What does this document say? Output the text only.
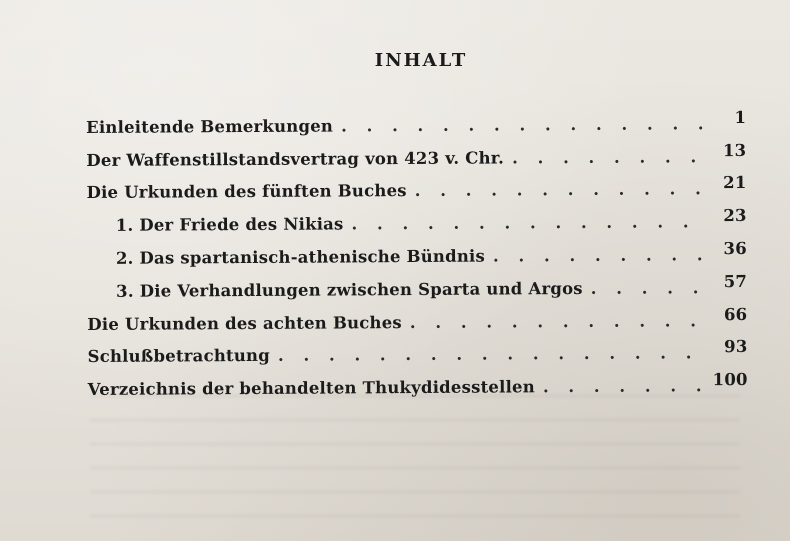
INHALT
Einleitende Bemerkungen . . .	1
Der Waffenstillstandsvertrag von 423 v. Chr. . . .	13
Die Urkunden des fünften Buches . . .	21
1. Der Friede des Nikias . . .	23
2. Das spartanisch-athenische Bündnis . . .	36
3. Die Verhandlungen zwischen Sparta und Argos . . .	57
Die Urkunden des achten Buches . . .	66
Schlußbetrachtung . . .	93
Verzeichnis der behandelten Thukydidesstellen . . .	100
